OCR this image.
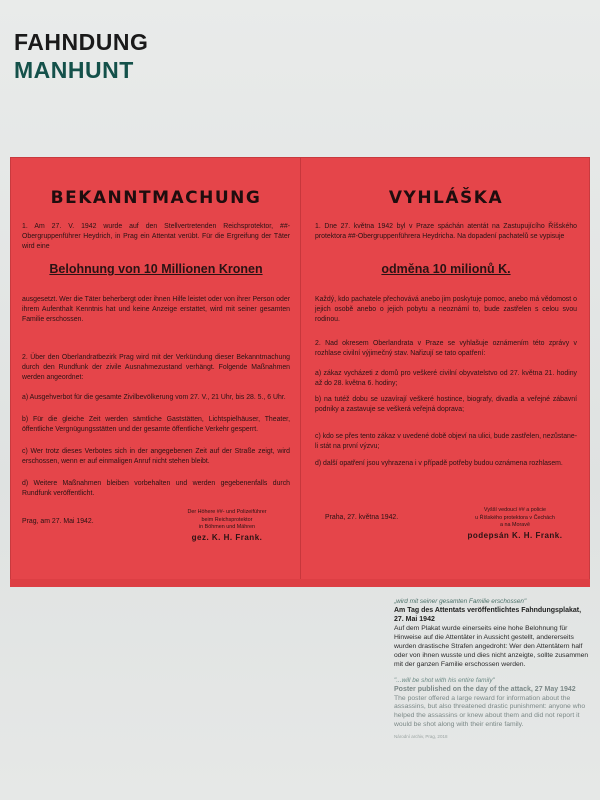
FAHNDUNG
MANHUNT
BEKANNTMACHUNG
1. Am 27. V. 1942 wurde auf den Stellvertretenden Reichsprotektor, ##-Obergruppenführer Heydrich, in Prag ein Attentat verübt. Für die Ergreifung der Täter wird eine
Belohnung von 10 Millionen Kronen
ausgesetzt. Wer die Täter beherbergt oder ihnen Hilfe leistet oder von ihrer Person oder ihrem Aufenthalt Kenntnis hat und keine Anzeige erstattet, wird mit seiner gesamten Familie erschossen.
2. Über den Oberlandratbezirk Prag wird mit der Verkündung dieser Bekanntmachung durch den Rundfunk der zivile Ausnahmezustand verhängt. Folgende Maßnahmen werden angeordnet:
a) Ausgehverbot für die gesamte Zivilbevölkerung vom 27. V., 21 Uhr, bis 28. 5., 6 Uhr.
b) Für die gleiche Zeit werden sämtliche Gaststätten, Lichtspielhäuser, Theater, öffentliche Vergnügungsstätten und der gesamte öffentliche Verkehr gesperrt.
c) Wer trotz dieses Verbotes sich in der angegebenen Zeit auf der Straße zeigt, wird erschossen, wenn er auf einmaligen Anruf nicht stehen bleibt.
d) Weitere Maßnahmen bleiben vorbehalten und werden gegebenenfalls durch Rundfunk veröffentlicht.
Prag, am 27. Mai 1942.
Der Höhere ##- und Polizeiführer
beim Reichsprotektor
in Böhmen und Mähren
gez. K. H. Frank.
VYHLÁŠKA
1. Dne 27. května 1942 byl v Praze spáchán atentát na Zastupujícího Říšského protektora ##-Obergruppenführera Heydricha. Na dopadení pachatelů se vypisuje
odměna 10 milionů K.
Každý, kdo pachatele přechovává anebo jim poskytuje pomoc, anebo má vědomost o jejich osobě anebo o jejich pobytu a neoznámí to, bude zastřelen s celou svou rodinou.
2. Nad okresem Oberlandrata v Praze se vyhlašuje oznámením této zprávy v rozhlase civilní výjimečný stav. Nařizují se tato opatření:
a) zákaz vycházeti z domů pro veškeré civilní obyvatelstvo od 27. května 21. hodiny až do 28. května 6. hodiny;
b) na tutéž dobu se uzavírají veškeré hostince, biografy, divadla a veřejné zábavní podniky a zastavuje se veškerá veřejná doprava;
c) kdo se přes tento zákaz v uvedené době objeví na ulici, bude zastřelen, nezůstane-li stát na první výzvu;
d) další opatření jsou vyhrazena i v případě potřeby budou oznámena rozhlasem.
Praha, 27. května 1942.
Vyšší vedoucí ## a policie
u Říšského protektora v Čechách
a na Moravě
podepsán K. H. Frank.
„wird mit seiner gesamten Familie erschossen"
Am Tag des Attentats veröffentlichtes Fahndungsplakat, 27. Mai 1942
Auf dem Plakat wurde einerseits eine hohe Belohnung für Hinweise auf die Attentäter in Aussicht gestellt, andererseits wurden drastische Strafen angedroht: Wer den Attentätern half oder von ihnen wusste und dies nicht anzeigte, sollte zusammen mit der ganzen Familie erschossen werden.
"...will be shot with his entire family"
Poster published on the day of the attack, 27 May 1942
The poster offered a large reward for information about the assassins, but also threatened drastic punishment: anyone who helped the assassins or knew about them and did not report it would be shot along with their entire family.
Národní archiv, Prag, 2018
